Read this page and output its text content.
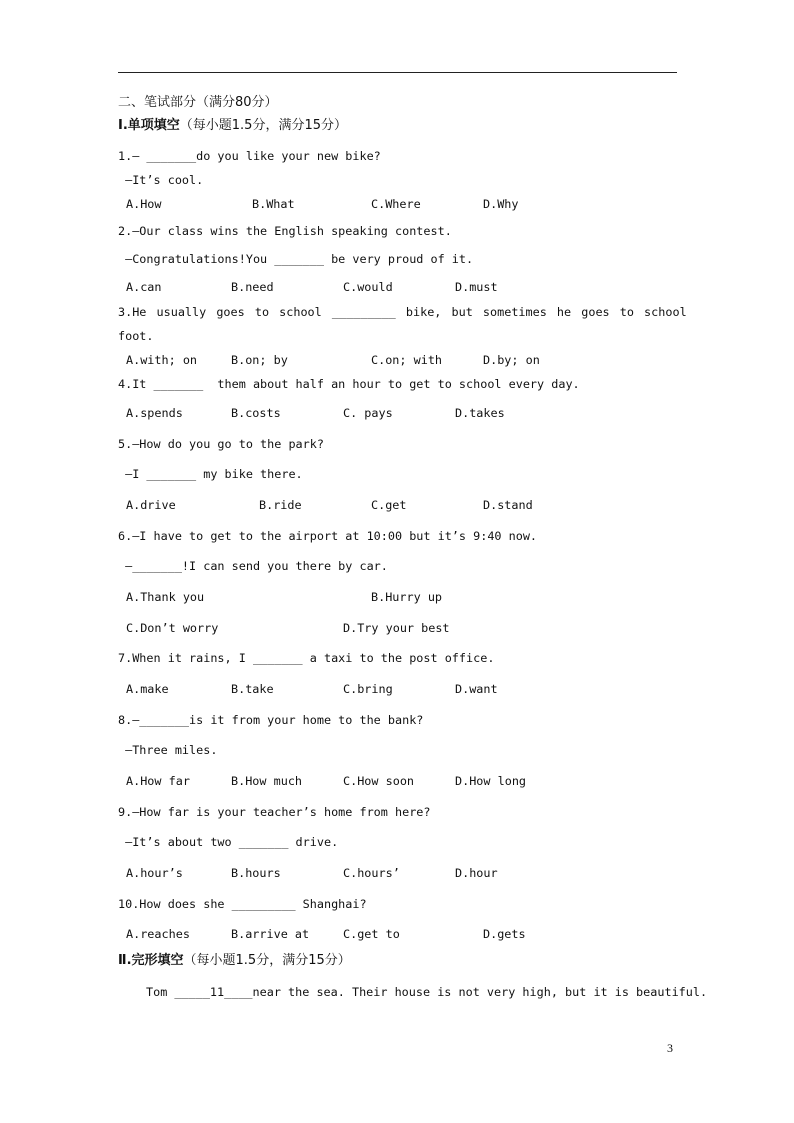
二、笔试部分（满分80分）
Ⅰ.单项填空（每小题1.5分，满分15分）
1.— _______do you like your new bike?
—It’s cool.
A.How	B.What	C.Where	D.Why
2.—Our class wins the English speaking contest.
—Congratulations!You _______ be very proud of it.
A.can	B.need	C.would	D.must
3.He usually goes to school _________ bike, but sometimes he goes to school
foot.
A.with; on	B.on; by	C.on; with	D.by; on
4.It _______  them about half an hour to get to school every day.
A.spends	B.costs	C. pays	D.takes
5.—How do you go to the park?
—I _______ my bike there.
A.drive	B.ride	C.get	D.stand
6.—I have to get to the airport at 10:00 but it’s 9:40 now.
—_______!I can send you there by car.
A.Thank you	B.Hurry up
C.Don’t worry	D.Try your best
7.When it rains, I _______ a taxi to the post office.
A.make	B.take	C.bring	D.want
8.—_______is it from your home to the bank?
—Three miles.
A.How far	B.How much	C.How soon	D.How long
9.—How far is your teacher’s home from here?
—It’s about two _______ drive.
A.hour’s	B.hours	C.hours’	D.hour
10.How does she _________ Shanghai?
A.reaches	B.arrive at	C.get to	D.gets
Ⅱ.完形填空（每小题1.5分，满分15分）
Tom _____11____near the sea. Their house is not very high, but it is beautiful.
3
